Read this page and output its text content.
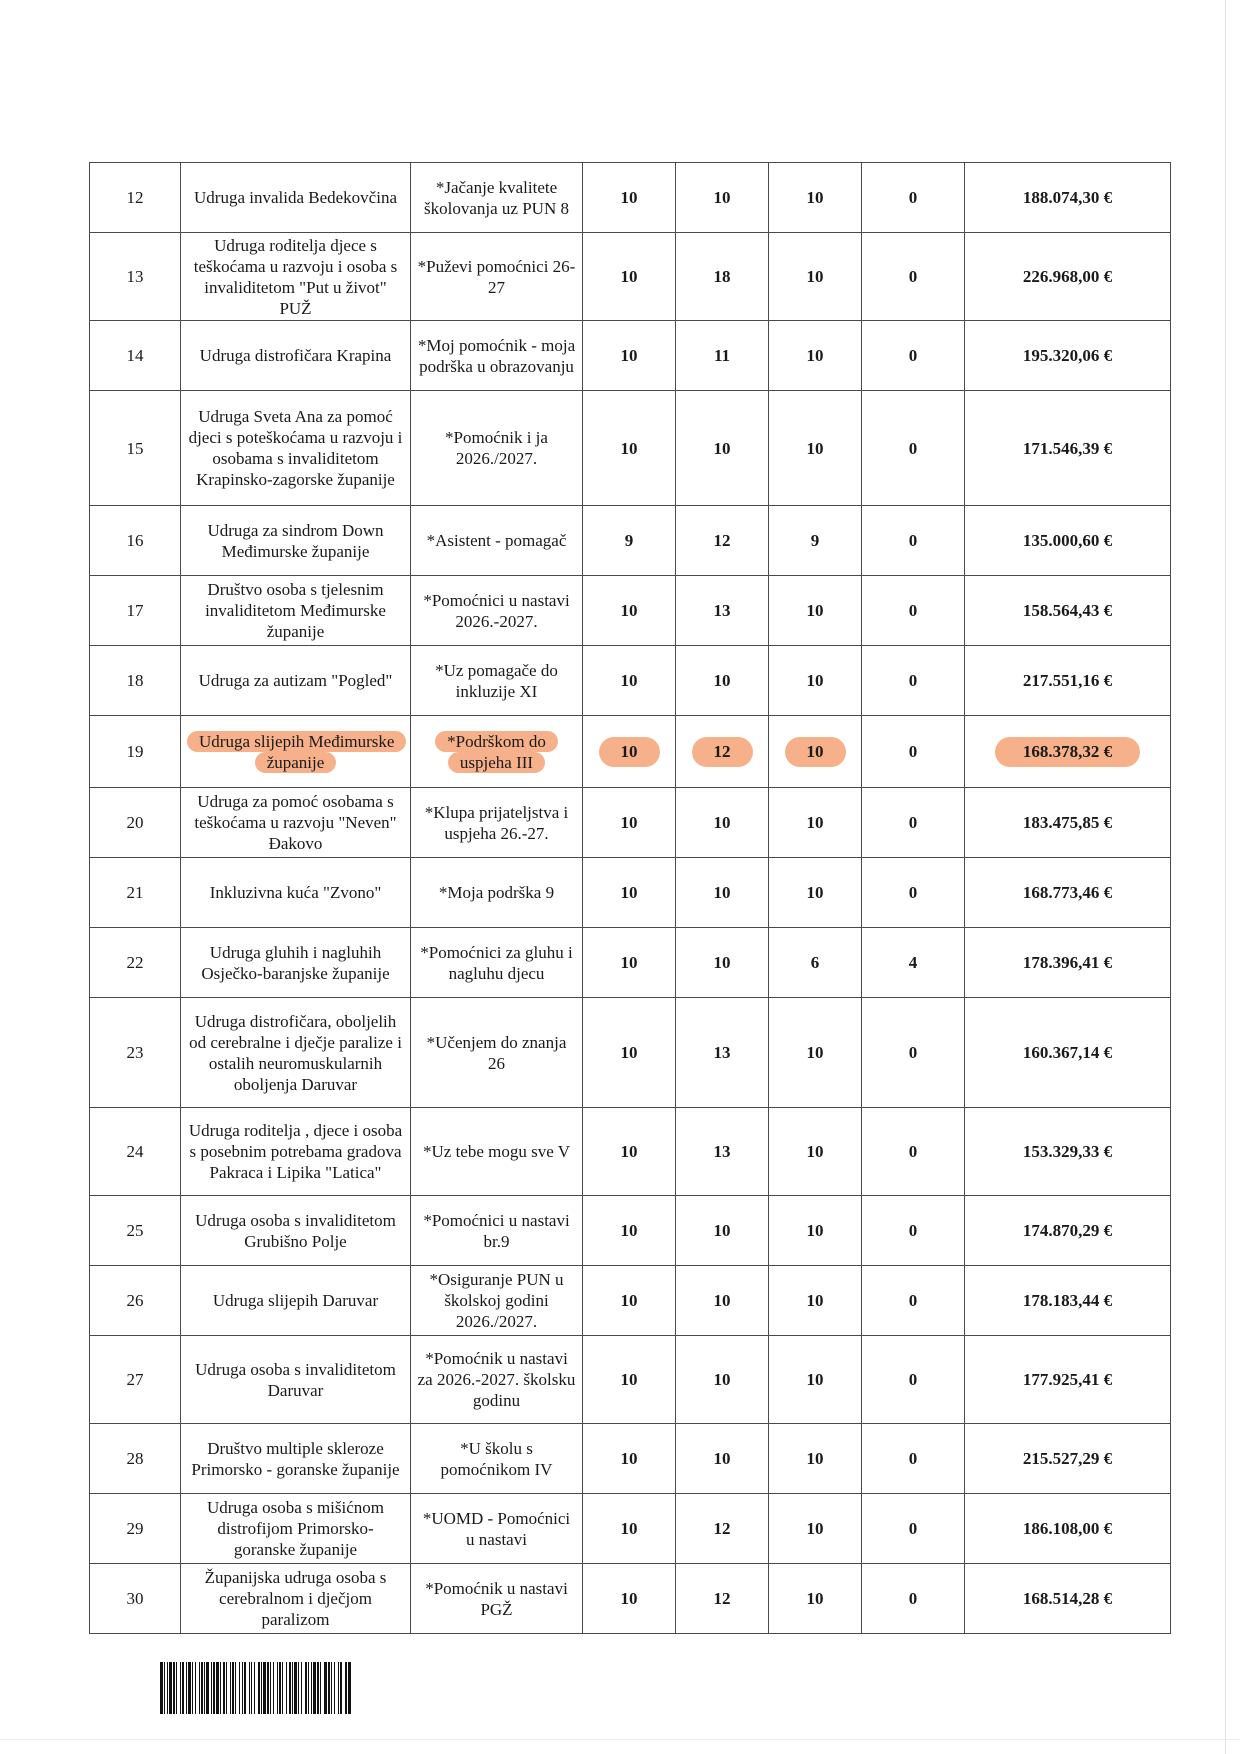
12	Udruga invalida Bedekovčina	*Jačanje kvalitete školovanja uz PUN 8	10	10	10	0	188.074,30 €
13	Udruga roditelja djece s teškoćama u razvoju i osoba s invaliditetom "Put u život" PUŽ	*Puževi pomoćnici 26-27	10	18	10	0	226.968,00 €
14	Udruga distrofičara Krapina	*Moj pomoćnik - moja podrška u obrazovanju	10	11	10	0	195.320,06 €
15	Udruga Sveta Ana za pomoć djeci s poteškoćama u razvoju i osobama s invaliditetom Krapinsko-zagorske županije	*Pomoćnik i ja 2026./2027.	10	10	10	0	171.546,39 €
16	Udruga za sindrom Down Međimurske županije	*Asistent - pomagač	9	12	9	0	135.000,60 €
17	Društvo osoba s tjelesnim invaliditetom Međimurske županije	*Pomoćnici u nastavi 2026.-2027.	10	13	10	0	158.564,43 €
18	Udruga za autizam "Pogled"	*Uz pomagače do inkluzije XI	10	10	10	0	217.551,16 €
19	Udruga slijepih Međimurske županije	*Podrškom do uspjeha III	10	12	10	0	168.378,32 €
20	Udruga za pomoć osobama s teškoćama u razvoju "Neven" Đakovo	*Klupa prijateljstva i uspjeha 26.-27.	10	10	10	0	183.475,85 €
21	Inkluzivna kuća "Zvono"	*Moja podrška 9	10	10	10	0	168.773,46 €
22	Udruga gluhih i nagluhih Osječko-baranjske županije	*Pomoćnici za gluhu i nagluhu djecu	10	10	6	4	178.396,41 €
23	Udruga distrofičara, oboljelih od cerebralne i dječje paralize i ostalih neuromuskularnih oboljenja Daruvar	*Učenjem do znanja 26	10	13	10	0	160.367,14 €
24	Udruga roditelja , djece i osoba s posebnim potrebama gradova Pakraca i Lipika "Latica"	*Uz tebe mogu sve V	10	13	10	0	153.329,33 €
25	Udruga osoba s invaliditetom Grubišno Polje	*Pomoćnici u nastavi br.9	10	10	10	0	174.870,29 €
26	Udruga slijepih Daruvar	*Osiguranje PUN u školskoj godini 2026./2027.	10	10	10	0	178.183,44 €
27	Udruga osoba s invaliditetom Daruvar	*Pomoćnik u nastavi za 2026.-2027. školsku godinu	10	10	10	0	177.925,41 €
28	Društvo multiple skleroze Primorsko - goranske županije	*U školu s pomoćnikom IV	10	10	10	0	215.527,29 €
29	Udruga osoba s mišićnom distrofijom Primorsko-goranske županije	*UOMD - Pomoćnici u nastavi	10	12	10	0	186.108,00 €
30	Županijska udruga osoba s cerebralnom i dječjom paralizom	*Pomoćnik u nastavi PGŽ	10	12	10	0	168.514,28 €
